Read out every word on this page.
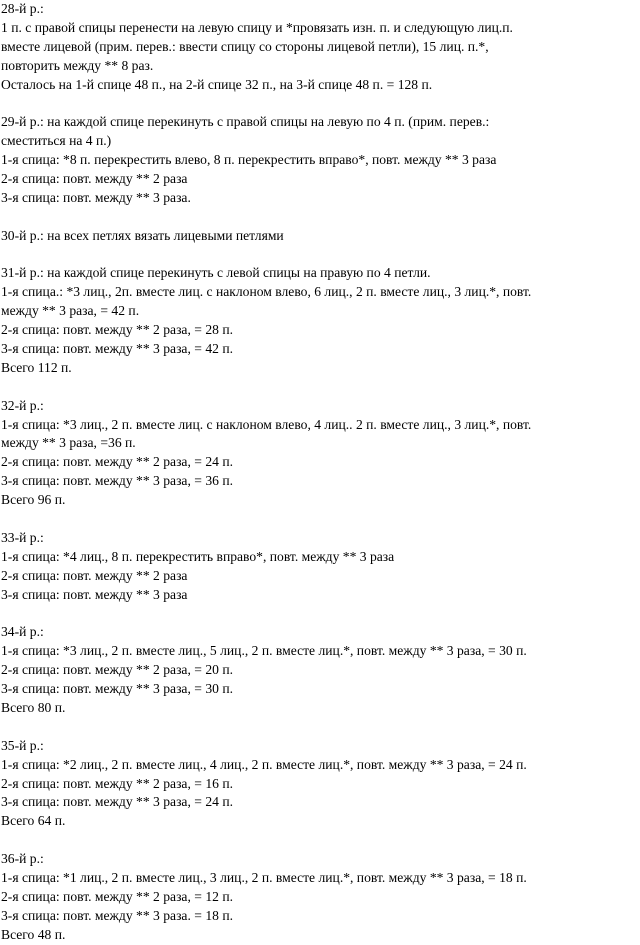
28-й р.:
1 п. с правой спицы перенести на левую спицу и *провязать изн. п. и следующую лиц.п.
вместе лицевой (прим. перев.: ввести спицу со стороны лицевой петли), 15 лиц. п.*,
повторить между ** 8 раз.
Осталось на 1-й спице 48 п., на 2-й спице 32 п., на 3-й спице 48 п. = 128 п.
29-й р.: на каждой спице перекинуть с правой спицы на левую по 4 п. (прим. перев.:
сместиться на 4 п.)
1-я спица: *8 п. перекрестить влево, 8 п. перекрестить вправо*, повт. между ** 3 раза
2-я спица: повт. между ** 2 раза
3-я спица: повт. между ** 3 раза.
30-й р.: на всех петлях вязать лицевыми петлями
31-й р.: на каждой спице перекинуть с левой спицы на правую по 4 петли.
1-я спица.: *3 лиц., 2п. вместе лиц. с наклоном влево, 6 лиц., 2 п. вместе лиц., 3 лиц.*, повт.
между ** 3 раза, = 42 п.
2-я спица: повт. между ** 2 раза, = 28 п.
3-я спица: повт. между ** 3 раза, = 42 п.
Всего 112 п.
32-й р.:
1-я спица: *3 лиц., 2 п. вместе лиц. с наклоном влево, 4 лиц.. 2 п. вместе лиц., 3 лиц.*, повт.
между ** 3 раза, =36 п.
2-я спица: повт. между ** 2 раза, = 24 п.
3-я спица: повт. между ** 3 раза, = 36 п.
Всего 96 п.
33-й р.:
1-я спица: *4 лиц., 8 п. перекрестить вправо*, повт. между ** 3 раза
2-я спица: повт. между ** 2 раза
3-я спица: повт. между ** 3 раза
34-й р.:
1-я спица: *3 лиц., 2 п. вместе лиц., 5 лиц., 2 п. вместе лиц.*, повт. между ** 3 раза, = 30 п.
2-я спица: повт. между ** 2 раза, = 20 п.
3-я спица: повт. между ** 3 раза, = 30 п.
Всего 80 п.
35-й р.:
1-я спица: *2 лиц., 2 п. вместе лиц., 4 лиц., 2 п. вместе лиц.*, повт. между ** 3 раза, = 24 п.
2-я спица: повт. между ** 2 раза, = 16 п.
3-я спица: повт. между ** 3 раза, = 24 п.
Всего 64 п.
36-й р.:
1-я спица: *1 лиц., 2 п. вместе лиц., 3 лиц., 2 п. вместе лиц.*, повт. между ** 3 раза, = 18 п.
2-я спица: повт. между ** 2 раза, = 12 п.
3-я спица: повт. между ** 3 раза. = 18 п.
Всего 48 п.
